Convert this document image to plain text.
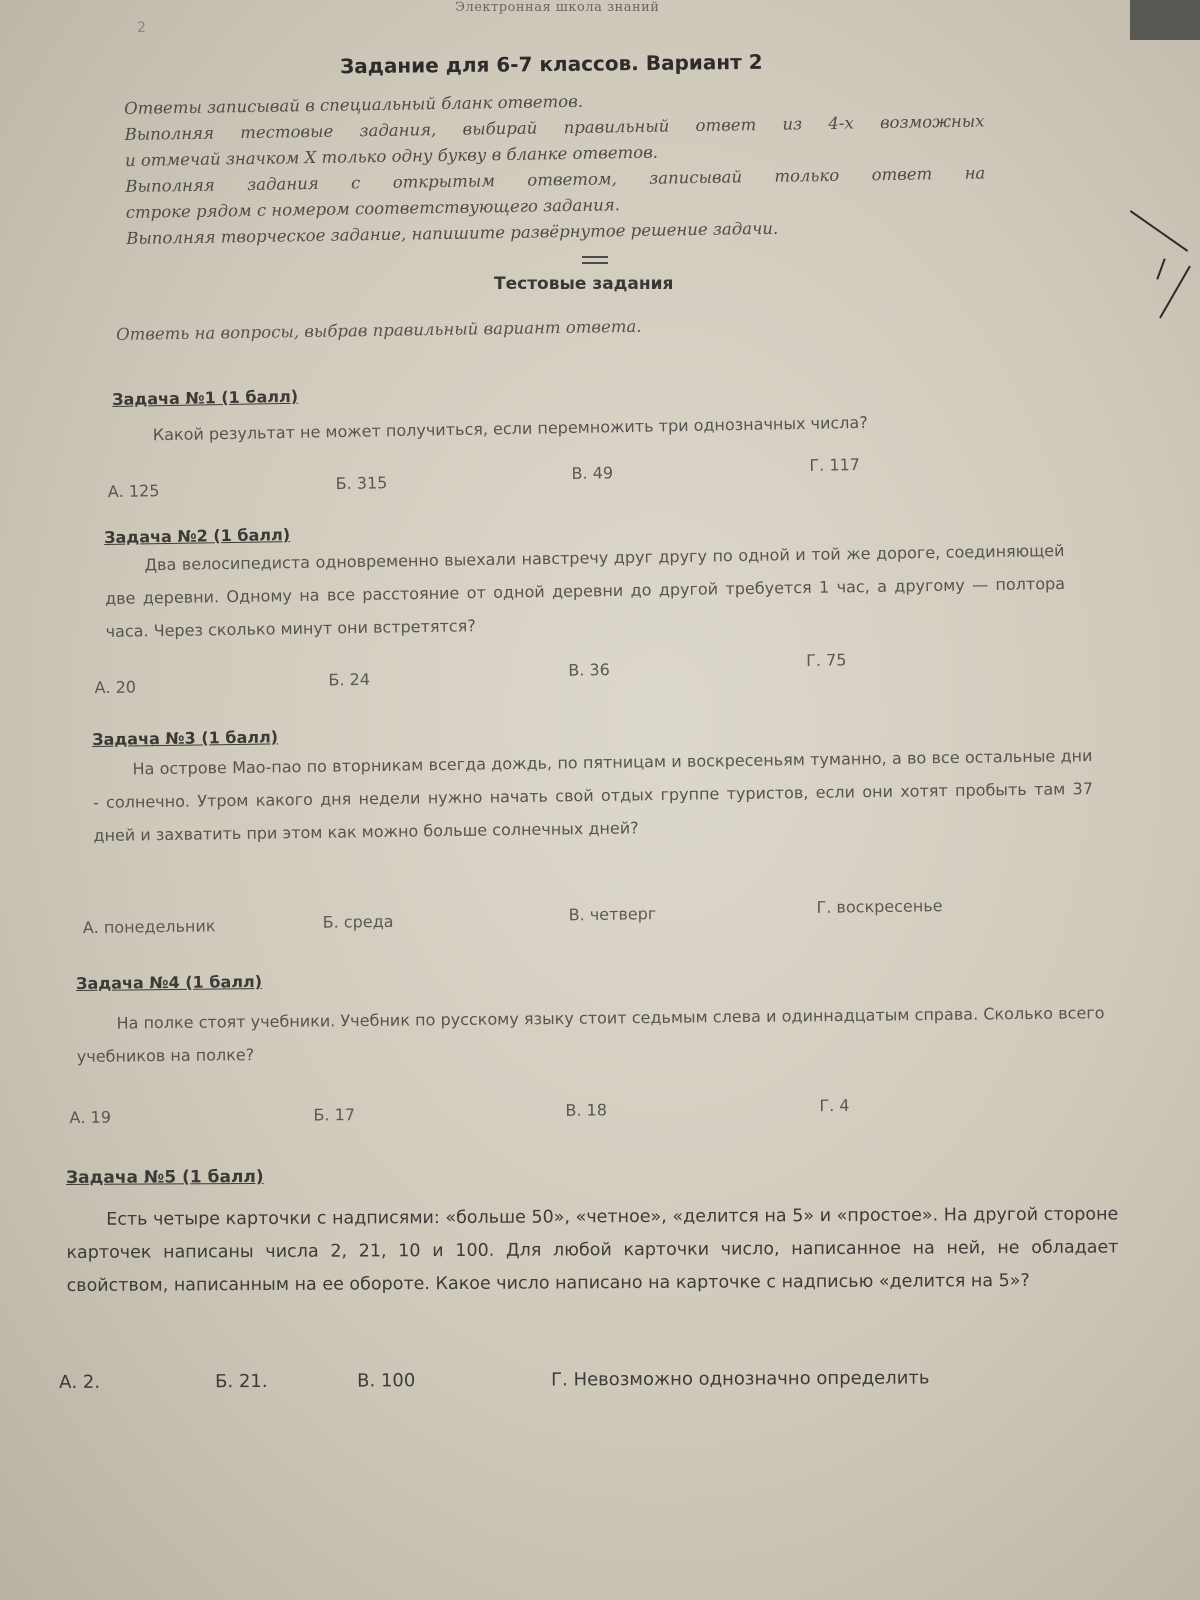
Электронная школа знаний
2
Задание для 6-7 классов. Вариант 2
Ответы записывай в специальный бланк ответов.
Выполняя тестовые задания, выбирай правильный ответ из 4-х возможных
и отмечай значком X только одну букву в бланке ответов.
Выполняя задания с открытым ответом, записывай только ответ на
строке рядом с номером соответствующего задания.
Выполняя творческое задание, напишите развёрнутое решение задачи.
Тестовые задания
Ответь на вопросы, выбрав правильный вариант ответа.
Задача №1 (1 балл)
Какой результат не может получиться, если перемножить три однозначных числа?
А. 125	Б. 315
В. 49	Г. 117
Задача №2 (1 балл)
Два велосипедиста одновременно выехали навстречу друг другу по одной и той же дороге, соединяющей две деревни. Одному на все расстояние от одной деревни до другой требуется 1 час, а другому — полтора часа. Через сколько минут они встретятся?
А. 20	Б. 24	В. 36	Г. 75
Задача №3 (1 балл)
На острове Мао-пао по вторникам всегда дождь, по пятницам и воскресеньям туманно, а во все остальные дни - солнечно. Утром какого дня недели нужно начать свой отдых группе туристов, если они хотят пробыть там 37 дней и захватить при этом как можно больше солнечных дней?
А. понедельник	Б. среда	В. четверг	Г. воскресенье
Задача №4 (1 балл)
На полке стоят учебники. Учебник по русскому языку стоит седьмым слева и одиннадцатым справа. Сколько всего учебников на полке?
А. 19	Б. 17	В. 18	Г. 4
Задача №5 (1 балл)
Есть четыре карточки с надписями: «больше 50», «четное», «делится на 5» и «простое». На другой стороне карточек написаны числа 2, 21, 10 и 100. Для любой карточки число, написанное на ней, не обладает свойством, написанным на ее обороте. Какое число написано на карточке с надписью «делится на 5»?
А. 2.	Б. 21.	В. 100	Г. Невозможно однозначно определить
